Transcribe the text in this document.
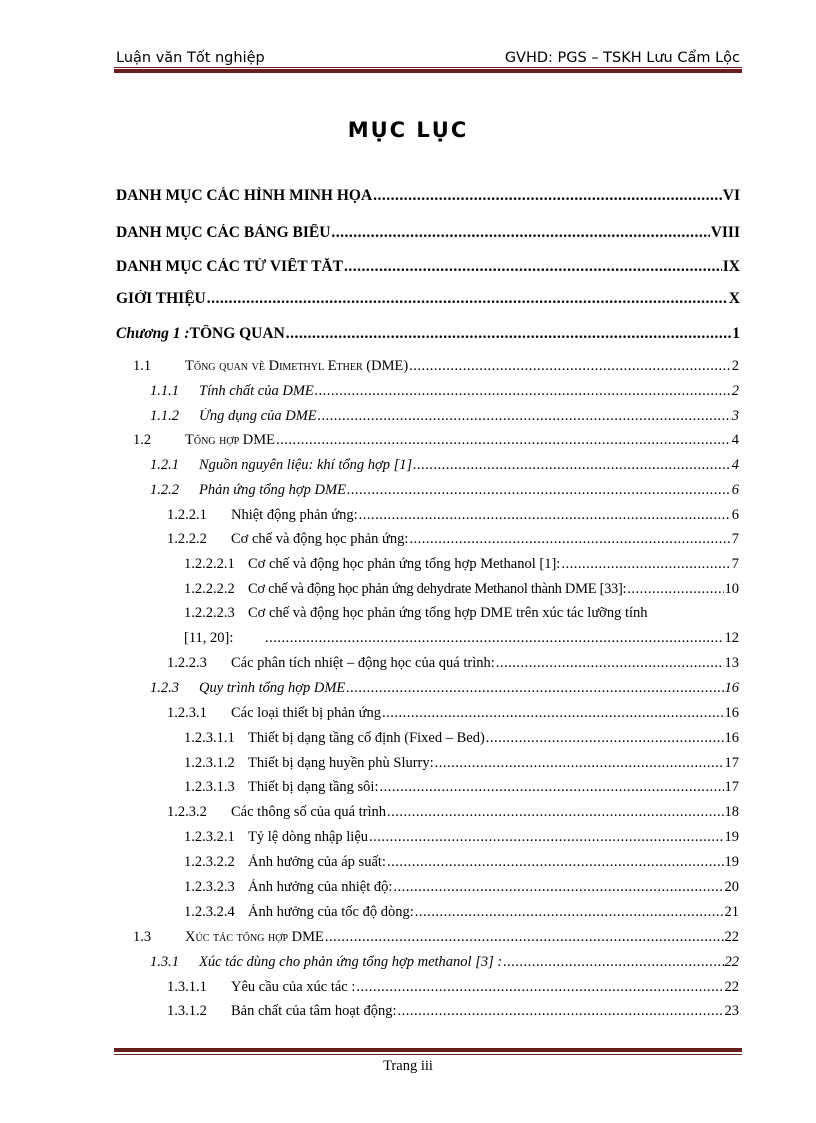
Luận văn Tốt nghiệp	GVHD: PGS – TSKH Lưu Cẩm Lộc
MỤC LỤC
DANH MỤC CÁC HÌNH MINH HỌA .....	VI
DANH MỤC CÁC BẢNG BIỂU .....	VIII
DANH MỤC CÁC TỪ VIẾT TẮT .....	IX
GIỚI THIỆU .....	X
Chương 1 : TỔNG QUAN .....	1
1.1	Tổng quan về Dimethyl Ether (DME) .....	2
1.1.1	Tính chất của DME .....	2
1.1.2	Ứng dụng của DME .....	3
1.2	Tổng hợp DME .....	4
1.2.1	Nguồn nguyên liệu: khí tổng hợp [1] .....	4
1.2.2	Phản ứng tổng hợp DME .....	6
1.2.2.1	Nhiệt động phản ứng: .....	6
1.2.2.2	Cơ chế và động học phản ứng: .....	7
1.2.2.2.1 Cơ chế và động học phản ứng tổng hợp Methanol [1]: .....	7
1.2.2.2.2 Cơ chế và động học phản ứng dehydrate Methanol thành DME [33]: .....	10
1.2.2.2.3 Cơ chế và động học phản ứng tổng hợp DME trên xúc tác lưỡng tính
[11, 20]: .....	12
1.2.2.3	Các phân tích nhiệt – động học của quá trình: .....	13
1.2.3	Quy trình tổng hợp DME .....	16
1.2.3.1	Các loại thiết bị phản ứng .....	16
1.2.3.1.1 Thiết bị dạng tầng cố định (Fixed – Bed) .....	16
1.2.3.1.2 Thiết bị dạng huyền phù Slurry: .....	17
1.2.3.1.3 Thiết bị dạng tầng sôi: .....	17
1.2.3.2	Các thông số của quá trình .....	18
1.2.3.2.1 Tỷ lệ dòng nhập liệu .....	19
1.2.3.2.2 Ảnh hưởng của áp suất: .....	19
1.2.3.2.3 Ảnh hưởng của nhiệt độ: .....	20
1.2.3.2.4 Ảnh hưởng của tốc độ dòng: .....	21
1.3	Xúc tác tổng hợp DME .....	22
1.3.1	Xúc tác dùng cho phản ứng tổng hợp methanol [3] : .....	22
1.3.1.1	Yêu cầu của xúc tác : .....	22
1.3.1.2	Bản chất của tâm hoạt động: .....	23
Trang iii
